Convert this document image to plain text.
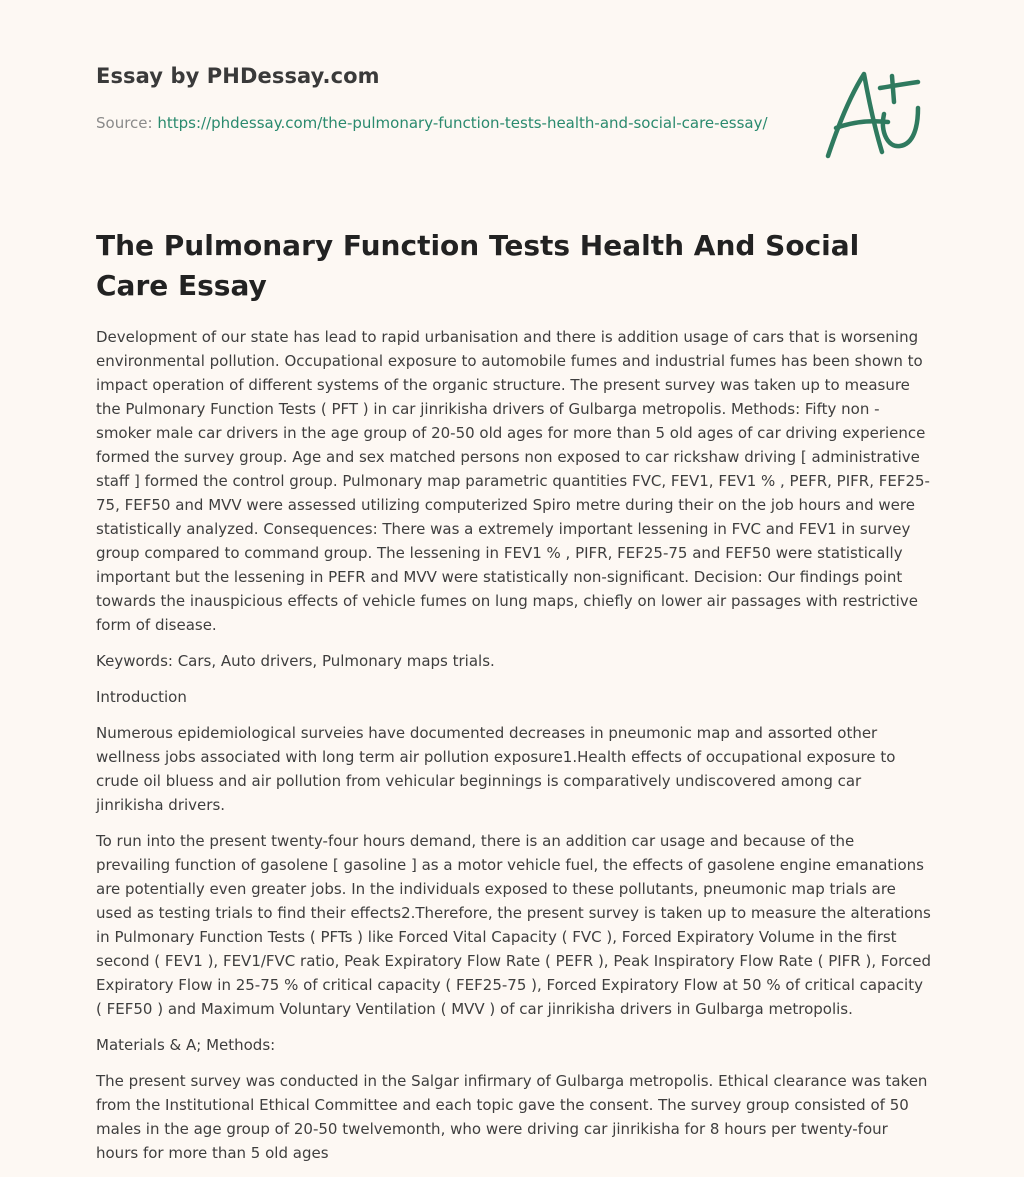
Essay by PHDessay.com
Source: https://phdessay.com/the-pulmonary-function-tests-health-and-social-care-essay/
The Pulmonary Function Tests Health And Social Care Essay

Development of our state has lead to rapid urbanisation and there is addition usage of cars that is worsening environmental pollution. Occupational exposure to automobile fumes and industrial fumes has been shown to impact operation of different systems of the organic structure. The present survey was taken up to measure the Pulmonary Function Tests ( PFT ) in car jinrikisha drivers of Gulbarga metropolis. Methods: Fifty non -smoker male car drivers in the age group of 20-50 old ages for more than 5 old ages of car driving experience formed the survey group. Age and sex matched persons non exposed to car rickshaw driving [ administrative staff ] formed the control group. Pulmonary map parametric quantities FVC, FEV1, FEV1 % , PEFR, PIFR, FEF25-75, FEF50 and MVV were assessed utilizing computerized Spiro metre during their on the job hours and were statistically analyzed. Consequences: There was a extremely important lessening in FVC and FEV1 in survey group compared to command group. The lessening in FEV1 % , PIFR, FEF25-75 and FEF50 were statistically important but the lessening in PEFR and MVV were statistically non-significant. Decision: Our findings point towards the inauspicious effects of vehicle fumes on lung maps, chiefly on lower air passages with restrictive form of disease.

Keywords: Cars, Auto drivers, Pulmonary maps trials.

Introduction

Numerous epidemiological surveies have documented decreases in pneumonic map and assorted other wellness jobs associated with long term air pollution exposure1.Health effects of occupational exposure to crude oil bluess and air pollution from vehicular beginnings is comparatively undiscovered among car jinrikisha drivers.

To run into the present twenty-four hours demand, there is an addition car usage and because of the prevailing function of gasolene [ gasoline ] as a motor vehicle fuel, the effects of gasolene engine emanations are potentially even greater jobs. In the individuals exposed to these pollutants, pneumonic map trials are used as testing trials to find their effects2.Therefore, the present survey is taken up to measure the alterations in Pulmonary Function Tests ( PFTs ) like Forced Vital Capacity ( FVC ), Forced Expiratory Volume in the first second ( FEV1 ), FEV1/FVC ratio, Peak Expiratory Flow Rate ( PEFR ), Peak Inspiratory Flow Rate ( PIFR ), Forced Expiratory Flow in 25-75 % of critical capacity ( FEF25-75 ), Forced Expiratory Flow at 50 % of critical capacity ( FEF50 ) and Maximum Voluntary Ventilation ( MVV ) of car jinrikisha drivers in Gulbarga metropolis.

Materials & A; Methods:

The present survey was conducted in the Salgar infirmary of Gulbarga metropolis. Ethical clearance was taken from the Institutional Ethical Committee and each topic gave the consent. The survey group consisted of 50 males in the age group of 20-50 twelvemonth, who were driving car jinrikisha for 8 hours per twenty-four hours for more than 5 old ages
